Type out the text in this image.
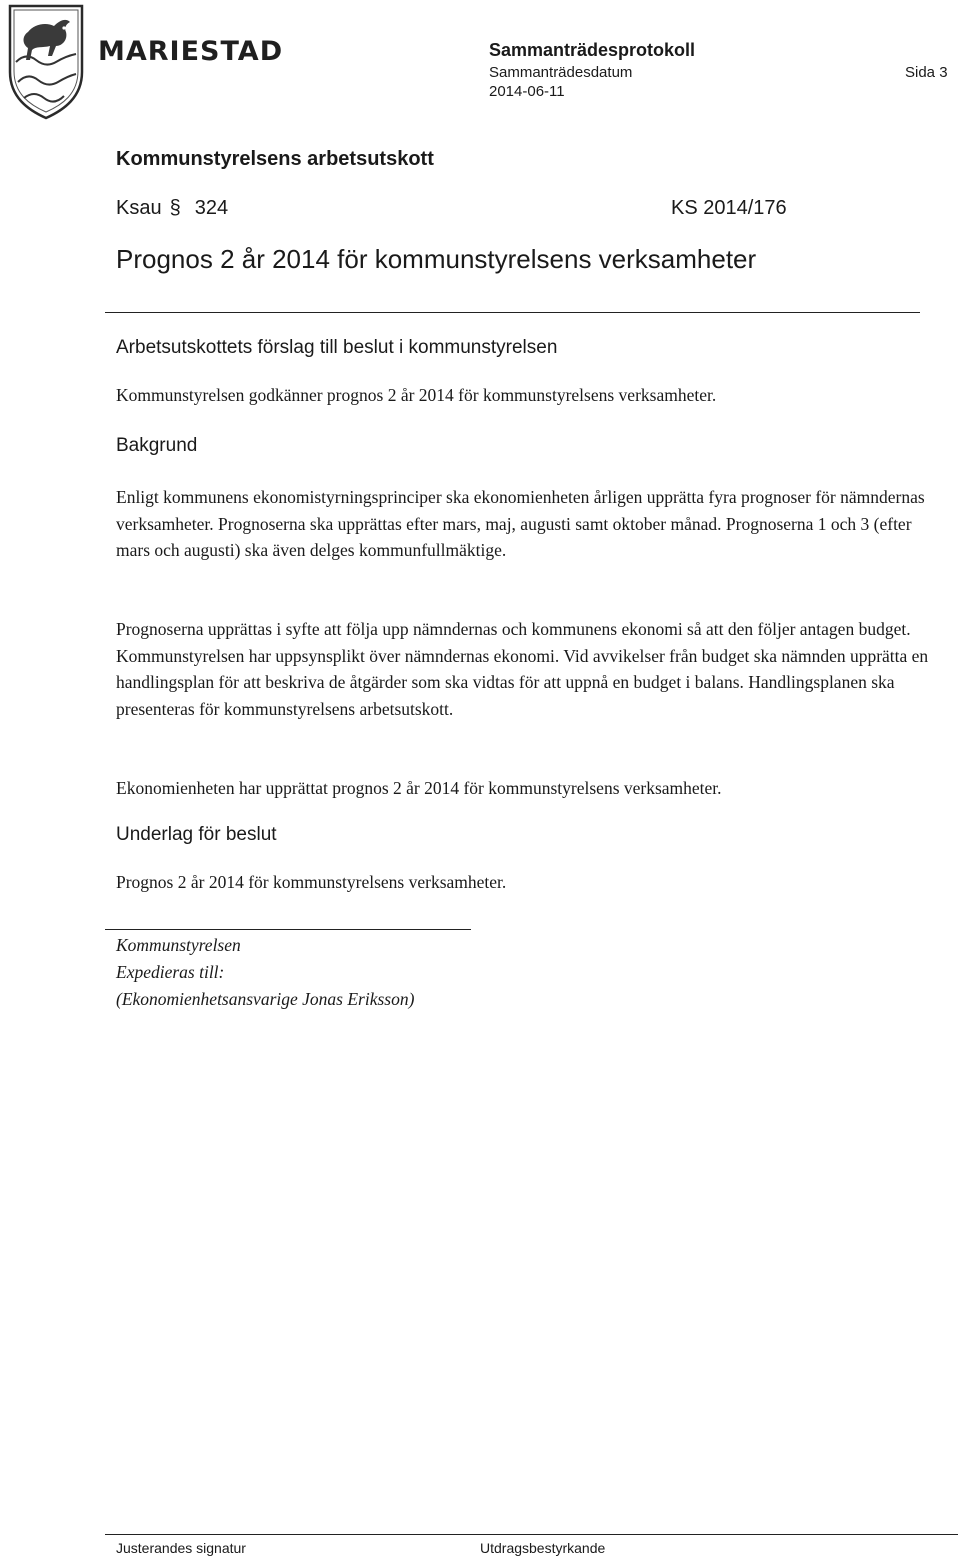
MARIESTAD	Sammanträdesprotokoll
Sammanträdesdatum	Sida 3
2014-06-11
Kommunstyrelsens arbetsutskott
Ksau § 324	KS 2014/176
Prognos 2 år 2014 för kommunstyrelsens verksamheter
Arbetsutskottets förslag till beslut i kommunstyrelsen
Kommunstyrelsen godkänner prognos 2 år 2014 för kommunstyrelsens verksamheter.
Bakgrund
Enligt kommunens ekonomistyrningsprinciper ska ekonomienheten årligen upprätta fyra prognoser för nämndernas verksamheter. Prognoserna ska upprättas efter mars, maj, augusti samt oktober månad. Prognoserna 1 och 3 (efter mars och augusti) ska även delges kommunfullmäktige.
Prognoserna upprättas i syfte att följa upp nämndernas och kommunens ekonomi så att den följer antagen budget. Kommunstyrelsen har uppsynsplikt över nämndernas ekonomi. Vid avvikelser från budget ska nämnden upprätta en handlingsplan för att beskriva de åtgärder som ska vidtas för att uppnå en budget i balans. Handlingsplanen ska presenteras för kommunstyrelsens arbetsutskott.
Ekonomienheten har upprättat prognos 2 år 2014 för kommunstyrelsens verksamheter.
Underlag för beslut
Prognos 2 år 2014 för kommunstyrelsens verksamheter.
Kommunstyrelsen
Expedieras till:
(Ekonomienhetsansvarige Jonas Eriksson)
Justerandes signatur	Utdragsbestyrkande
